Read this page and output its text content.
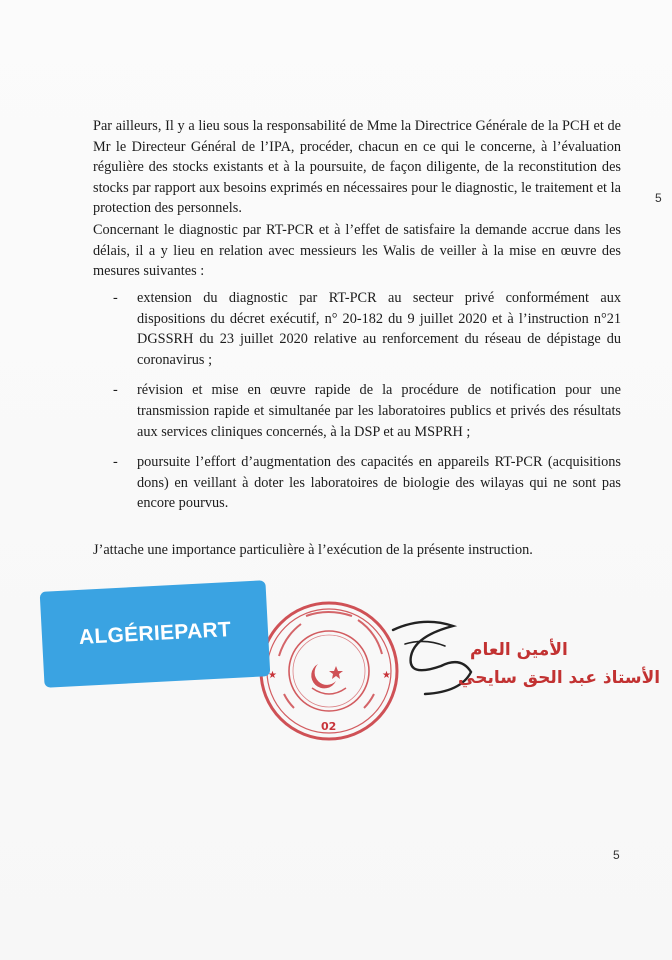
Par ailleurs, Il y a lieu sous la responsabilité de Mme la Directrice Générale de la PCH et de Mr le Directeur Général de l’IPA, procéder, chacun en ce qui le concerne, à l’évaluation régulière des stocks existants et à la poursuite, de façon diligente, de la reconstitution des stocks par rapport aux besoins exprimés en nécessaires pour le diagnostic, le traitement et la protection des personnels.
5
Concernant le diagnostic par RT-PCR et à l’effet de satisfaire la demande accrue dans les délais, il a y lieu en relation avec messieurs les Walis de veiller à la mise en œuvre des mesures suivantes :
- extension du diagnostic par RT-PCR au secteur privé conformément aux dispositions du décret exécutif, n° 20-182 du 9 juillet 2020 et à l’instruction n°21 DGSSRH du 23 juillet 2020 relative au renforcement du réseau de dépistage du coronavirus ;
- révision et mise en œuvre rapide de la procédure de notification pour une transmission rapide et simultanée par les laboratoires publics et privés des résultats aux services cliniques concernés, à la DSP et au MSPRH ;
- poursuite l’effort d’augmentation des capacités en appareils RT-PCR (acquisitions dons) en veillant à doter les laboratoires de biologie des wilayas qui ne sont pas encore pourvus.
J’attache une importance particulière à l’exécution de la présente instruction.
★	★
02
الأمين العام
الأستاذ عبد الحق سايحي
ALGÉRIEPART
5
